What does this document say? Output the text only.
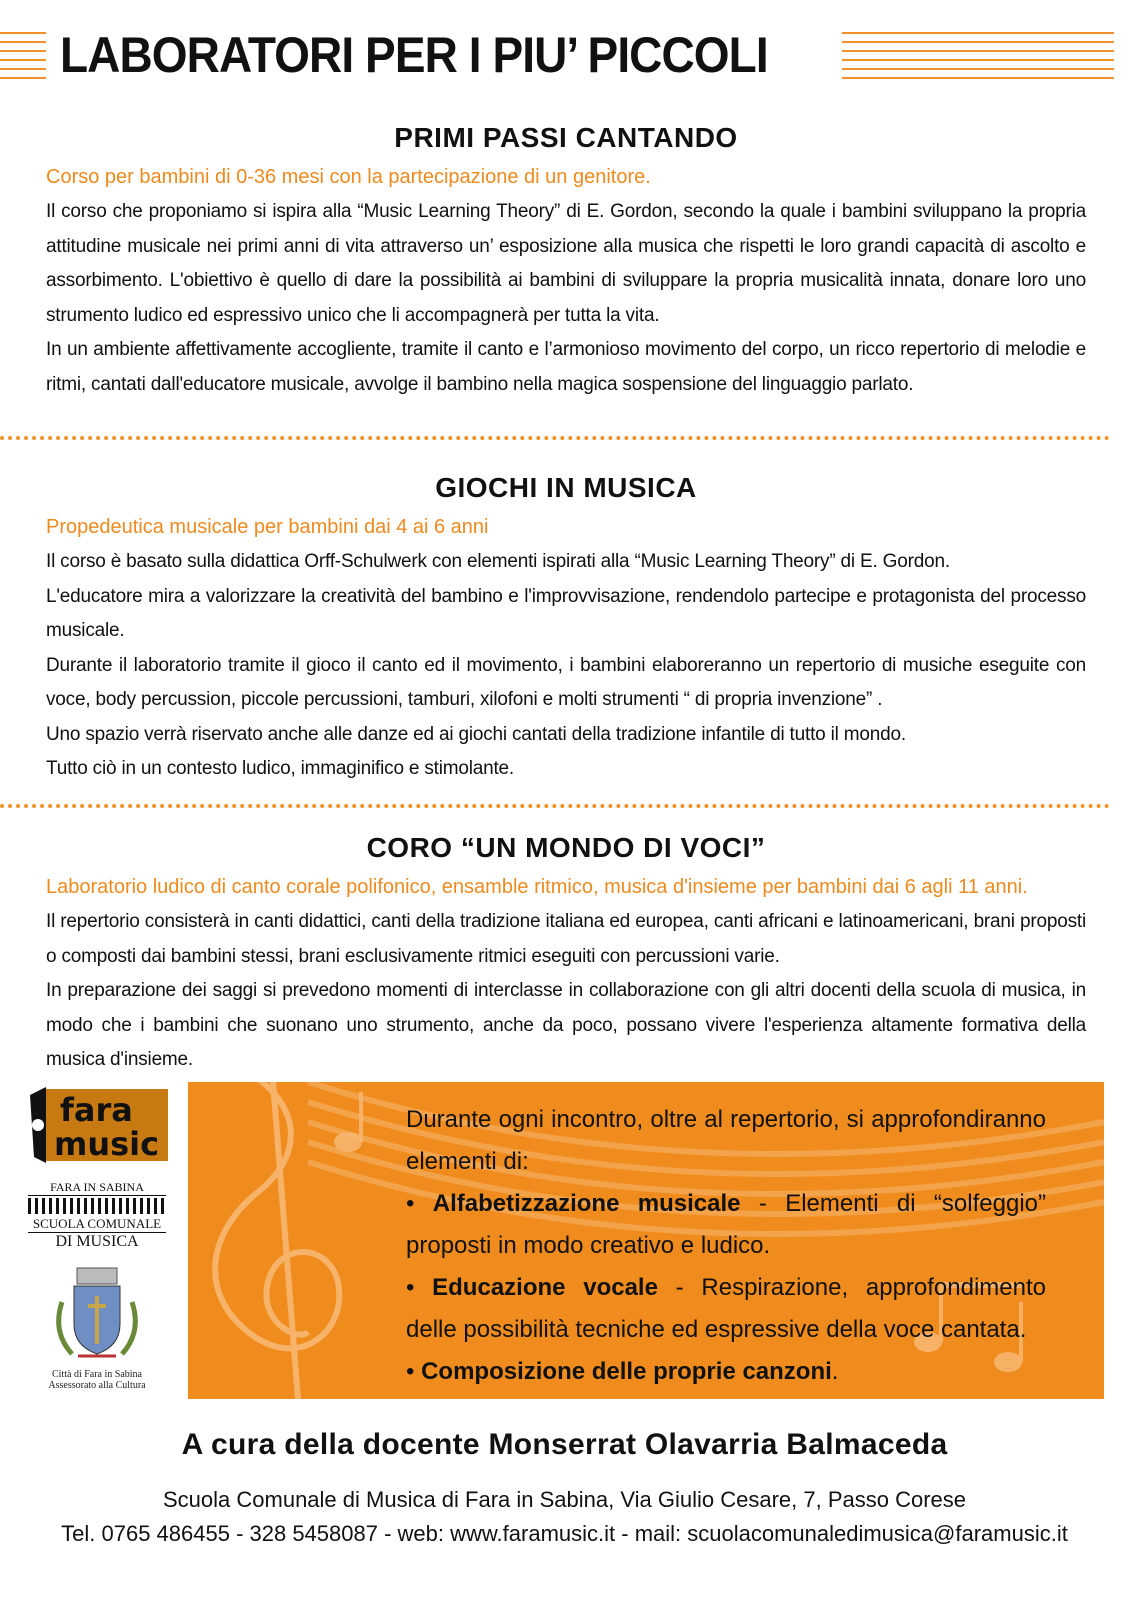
LABORATORI PER I PIU’ PICCOLI
PRIMI PASSI CANTANDO
Corso per bambini di 0-36 mesi con la partecipazione di un genitore.

Il corso che proponiamo si ispira alla “Music Learning Theory” di E. Gordon, secondo la quale i bambini sviluppano la propria attitudine musicale nei primi anni di vita attraverso un’ esposizione alla musica che rispetti le loro grandi capacità di ascolto e assorbimento. L'obiettivo è quello di dare la possibilità ai bambini di sviluppare la propria musicalità innata, donare loro uno strumento ludico ed espressivo unico che li accompagnerà per tutta la vita.

In un ambiente affettivamente accogliente, tramite il canto e l’armonioso movimento del corpo, un ricco repertorio di melodie e ritmi, cantati dall'educatore musicale, avvolge il bambino nella magica sospensione del linguaggio parlato.

GIOCHI IN MUSICA
Propedeutica musicale per bambini dai 4 ai 6 anni

Il corso è basato sulla didattica Orff-Schulwerk con elementi ispirati alla “Music Learning Theory” di E. Gordon.

L'educatore mira a valorizzare la creatività del bambino e l'improvvisazione, rendendolo partecipe e protagonista del processo musicale.

Durante il laboratorio tramite il gioco il canto ed il movimento, i bambini elaboreranno un repertorio di musiche eseguite con voce, body percussion, piccole percussioni, tamburi, xilofoni e molti strumenti “ di propria invenzione” .

Uno spazio verrà riservato anche alle danze ed ai giochi cantati della tradizione infantile di tutto il mondo.

Tutto ciò in un contesto ludico, immaginifico e stimolante.

CORO “UN MONDO DI VOCI”
Laboratorio ludico di canto corale polifonico, ensamble ritmico, musica d'insieme per bambini dai 6 agli 11 anni.

Il repertorio consisterà in canti didattici, canti della tradizione italiana ed europea, canti africani e latinoamericani, brani proposti o composti dai bambini stessi, brani esclusivamente ritmici eseguiti con percussioni varie.

In preparazione dei saggi si prevedono momenti di interclasse in collaborazione con gli altri docenti della scuola di musica, in modo che i bambini che suonano uno strumento, anche da poco, possano vivere l'esperienza altamente formativa della musica d'insieme.

fara
music
FARA IN SABINA
SCUOLA COMUNALE
DI MUSICA
Città di Fara in Sabina
Assessorato alla Cultura

Durante ogni incontro, oltre al repertorio, si approfondiranno elementi di:

• Alfabetizzazione musicale - Elementi di “solfeggio” proposti in modo creativo e ludico.

• Educazione vocale - Respirazione, approfondimento delle possibilità tecniche ed espressive della voce cantata.

• Composizione delle proprie canzoni.

A cura della docente Monserrat Olavarria Balmaceda

Scuola Comunale di Musica di Fara in Sabina, Via Giulio Cesare, 7, Passo Corese

Tel. 0765 486455 - 328 5458087 - web: www.faramusic.it - mail: scuolacomunaledimusica@faramusic.it
